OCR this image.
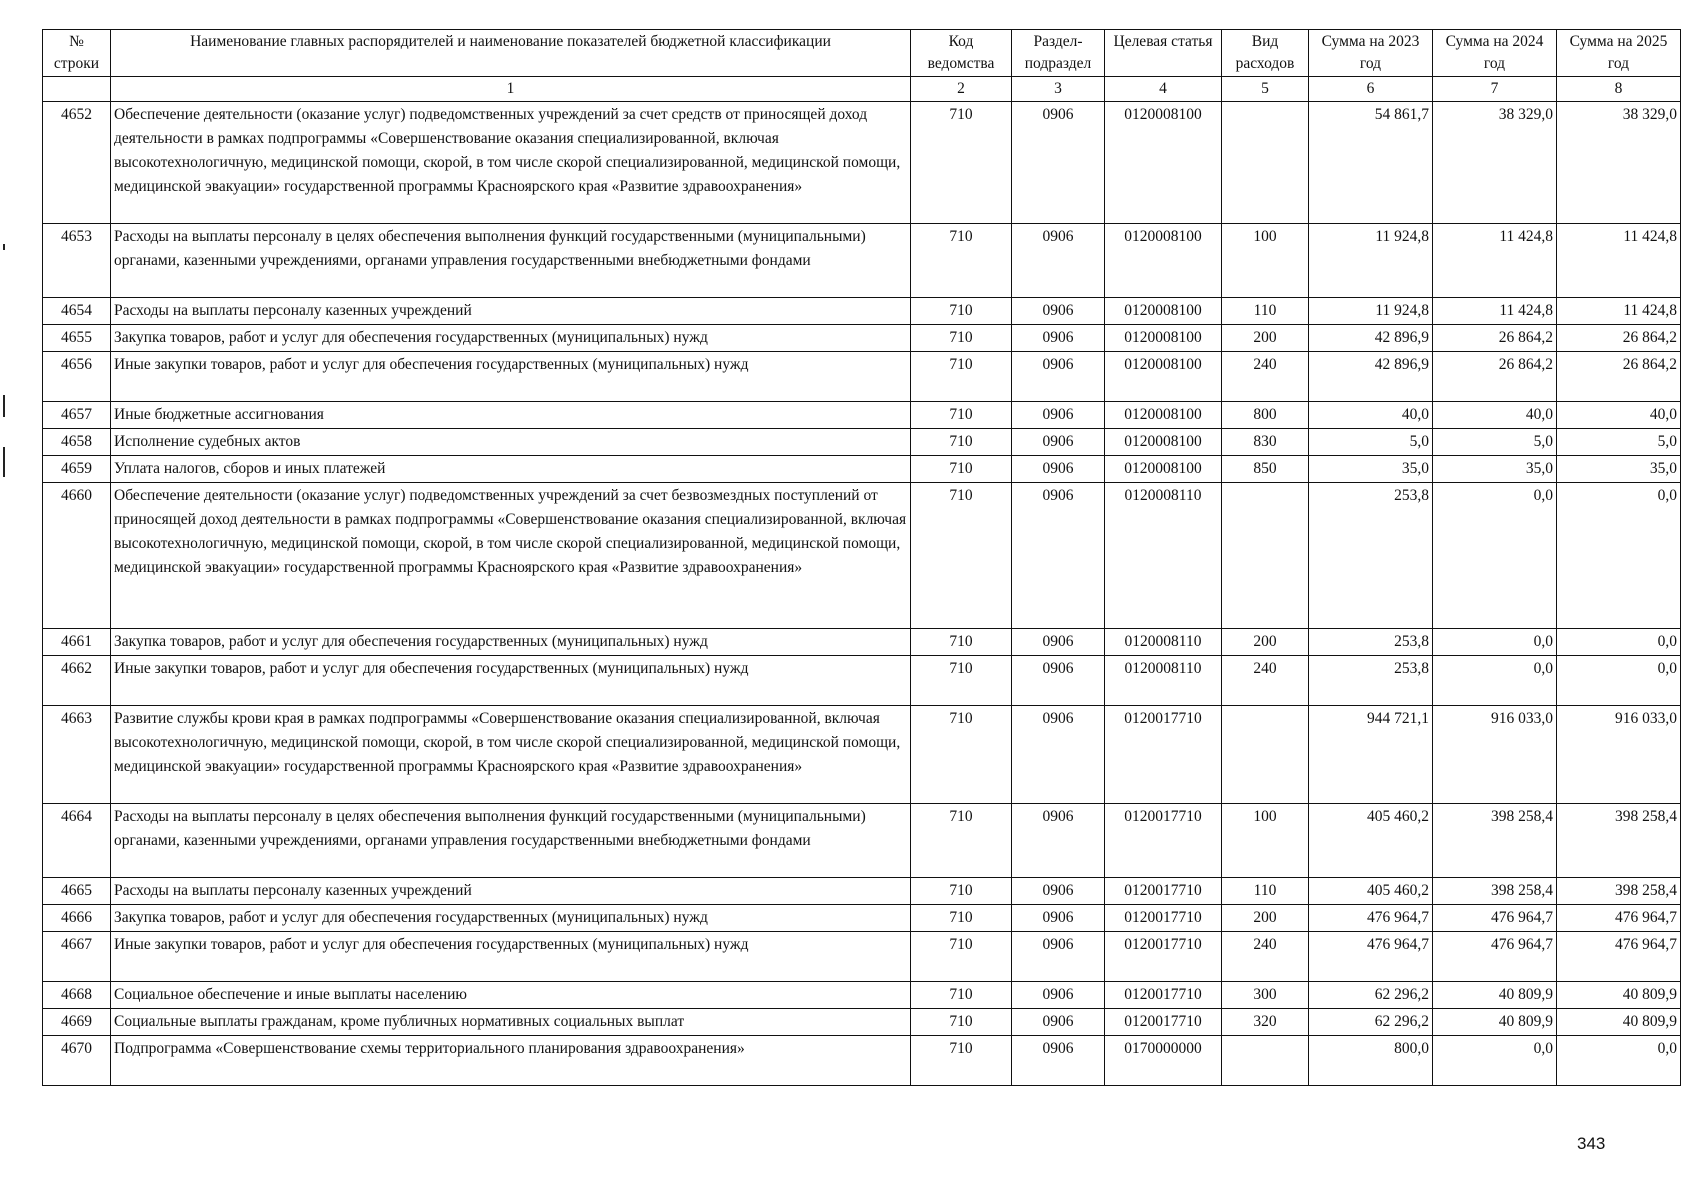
№ строки	Наименование главных распорядителей и наименование показателей бюджетной классификации	Код ведомства	Раздел-подраздел	Целевая статья	Вид расходов	Сумма на 2023 год	Сумма на 2024 год	Сумма на 2025 год
	1	2	3	4	5	6	7	8
4652	Обеспечение деятельности (оказание услуг) подведомственных учреждений за счет средств от приносящей доход деятельности в рамках подпрограммы «Совершенствование оказания специализированной, включая высокотехнологичную, медицинской помощи, скорой, в том числе скорой специализированной, медицинской помощи, медицинской эвакуации» государственной программы Красноярского края «Развитие здравоохранения»	710	0906	0120008100		54 861,7	38 329,0	38 329,0
4653	Расходы на выплаты персоналу в целях обеспечения выполнения функций государственными (муниципальными) органами, казенными учреждениями, органами управления государственными внебюджетными фондами	710	0906	0120008100	100	11 924,8	11 424,8	11 424,8
4654	Расходы на выплаты персоналу казенных учреждений	710	0906	0120008100	110	11 924,8	11 424,8	11 424,8
4655	Закупка товаров, работ и услуг для обеспечения государственных (муниципальных) нужд	710	0906	0120008100	200	42 896,9	26 864,2	26 864,2
4656	Иные закупки товаров, работ и услуг для обеспечения государственных (муниципальных) нужд	710	0906	0120008100	240	42 896,9	26 864,2	26 864,2
4657	Иные бюджетные ассигнования	710	0906	0120008100	800	40,0	40,0	40,0
4658	Исполнение судебных актов	710	0906	0120008100	830	5,0	5,0	5,0
4659	Уплата налогов, сборов и иных платежей	710	0906	0120008100	850	35,0	35,0	35,0
4660	Обеспечение деятельности (оказание услуг) подведомственных учреждений за счет безвозмездных поступлений от приносящей доход деятельности в рамках подпрограммы «Совершенствование оказания специализированной, включая высокотехнологичную, медицинской помощи, скорой, в том числе скорой специализированной, медицинской помощи, медицинской эвакуации» государственной программы Красноярского края «Развитие здравоохранения»	710	0906	0120008110		253,8	0,0	0,0
4661	Закупка товаров, работ и услуг для обеспечения государственных (муниципальных) нужд	710	0906	0120008110	200	253,8	0,0	0,0
4662	Иные закупки товаров, работ и услуг для обеспечения государственных (муниципальных) нужд	710	0906	0120008110	240	253,8	0,0	0,0
4663	Развитие службы крови края в рамках подпрограммы «Совершенствование оказания специализированной, включая высокотехнологичную, медицинской помощи, скорой, в том числе скорой специализированной, медицинской помощи, медицинской эвакуации» государственной программы Красноярского края «Развитие здравоохранения»	710	0906	0120017710		944 721,1	916 033,0	916 033,0
4664	Расходы на выплаты персоналу в целях обеспечения выполнения функций государственными (муниципальными) органами, казенными учреждениями, органами управления государственными внебюджетными фондами	710	0906	0120017710	100	405 460,2	398 258,4	398 258,4
4665	Расходы на выплаты персоналу казенных учреждений	710	0906	0120017710	110	405 460,2	398 258,4	398 258,4
4666	Закупка товаров, работ и услуг для обеспечения государственных (муниципальных) нужд	710	0906	0120017710	200	476 964,7	476 964,7	476 964,7
4667	Иные закупки товаров, работ и услуг для обеспечения государственных (муниципальных) нужд	710	0906	0120017710	240	476 964,7	476 964,7	476 964,7
4668	Социальное обеспечение и иные выплаты населению	710	0906	0120017710	300	62 296,2	40 809,9	40 809,9
4669	Социальные выплаты гражданам, кроме публичных нормативных социальных выплат	710	0906	0120017710	320	62 296,2	40 809,9	40 809,9
4670	Подпрограмма «Совершенствование схемы территориального планирования здравоохранения»	710	0906	0170000000		800,0	0,0	0,0
343
